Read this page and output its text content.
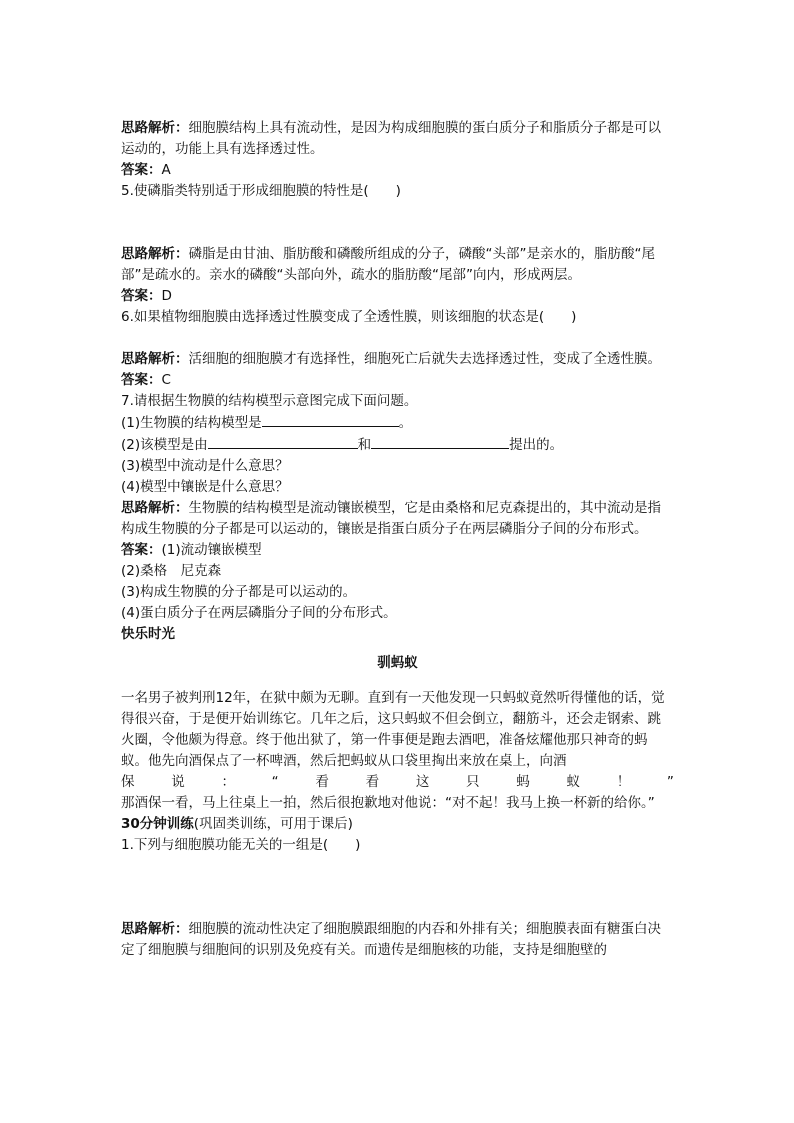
思路解析：细胞膜结构上具有流动性，是因为构成细胞膜的蛋白质分子和脂质分子都是可以运动的，功能上具有选择透过性。

答案：A

5.使磷脂类特别适于形成细胞膜的特性是(　　)

思路解析：磷脂是由甘油、脂肪酸和磷酸所组成的分子，磷酸“头部”是亲水的，脂肪酸“尾部”是疏水的。亲水的磷酸“头部向外，疏水的脂肪酸“尾部”向内，形成两层。

答案：D

6.如果植物细胞膜由选择透过性膜变成了全透性膜，则该细胞的状态是(　　)

思路解析：活细胞的细胞膜才有选择性，细胞死亡后就失去选择透过性，变成了全透性膜。

答案：C

7.请根据生物膜的结构模型示意图完成下面问题。

(1)生物膜的结构模型是	。

(2)该模型是由	和	提出的。

(3)模型中流动是什么意思？

(4)模型中镶嵌是什么意思？

思路解析：生物膜的结构模型是流动镶嵌模型，它是由桑格和尼克森提出的，其中流动是指构成生物膜的分子都是可以运动的，镶嵌是指蛋白质分子在两层磷脂分子间的分布形式。

答案：(1)流动镶嵌模型

(2)桑格　尼克森

(3)构成生物膜的分子都是可以运动的。

(4)蛋白质分子在两层磷脂分子间的分布形式。

快乐时光

驯蚂蚁

一名男子被判刑12年，在狱中颇为无聊。直到有一天他发现一只蚂蚁竟然听得懂他的话，觉得很兴奋，于是便开始训练它。几年之后，这只蚂蚁不但会倒立，翻筋斗，还会走钢索、跳火圈，令他颇为得意。终于他出狱了，第一件事便是跑去酒吧，准备炫耀他那只神奇的蚂蚁。他先向酒保点了一杯啤酒，然后把蚂蚁从口袋里掏出来放在桌上，向酒

保	说	：	“	看	看	这	只	蚂	蚁	！	”

那酒保一看，马上往桌上一拍，然后很抱歉地对他说：“对不起！我马上换一杯新的给你。”

30分钟训练(巩固类训练，可用于课后)

1.下列与细胞膜功能无关的一组是(　　)

思路解析：细胞膜的流动性决定了细胞膜跟细胞的内吞和外排有关；细胞膜表面有糖蛋白决定了细胞膜与细胞间的识别及免疫有关。而遗传是细胞核的功能，支持是细胞壁的
